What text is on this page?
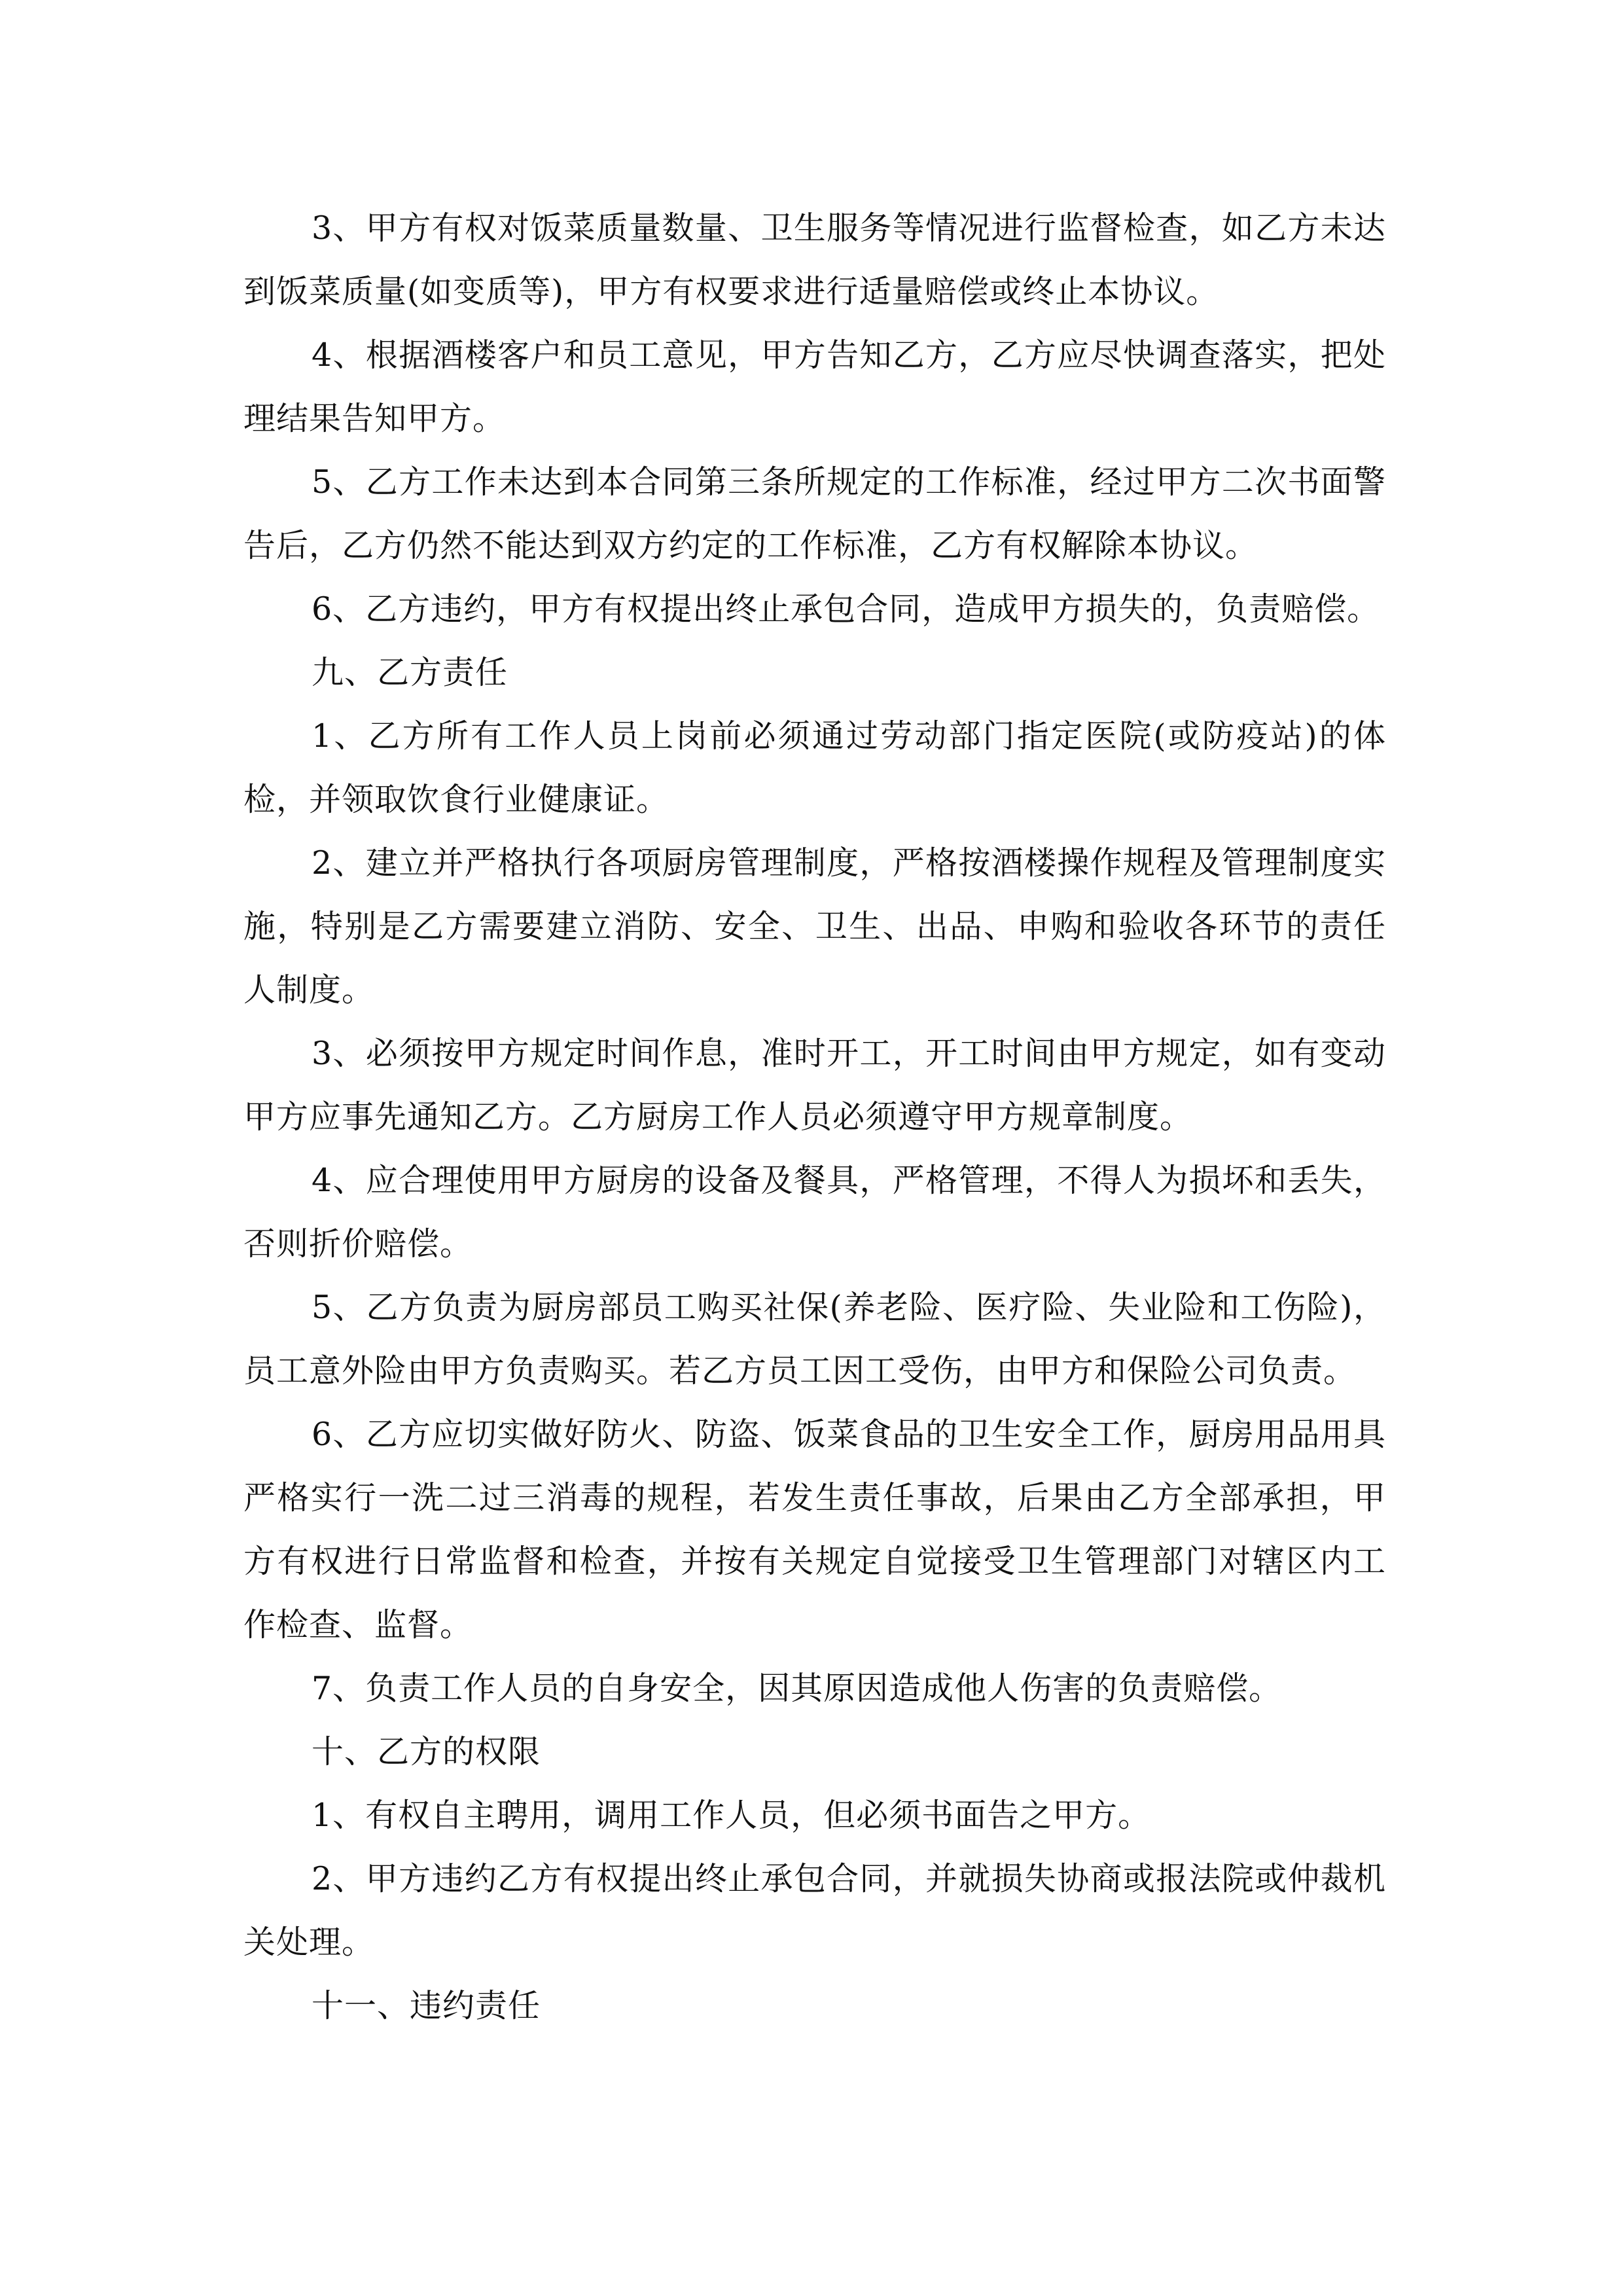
3、甲方有权对饭菜质量数量、卫生服务等情况进行监督检查，如乙方未达到饭菜质量(如变质等)，甲方有权要求进行适量赔偿或终止本协议。

4、根据酒楼客户和员工意见，甲方告知乙方，乙方应尽快调查落实，把处理结果告知甲方。

5、乙方工作未达到本合同第三条所规定的工作标准，经过甲方二次书面警告后，乙方仍然不能达到双方约定的工作标准，乙方有权解除本协议。

6、乙方违约，甲方有权提出终止承包合同，造成甲方损失的，负责赔偿。

九、乙方责任

1、乙方所有工作人员上岗前必须通过劳动部门指定医院(或防疫站)的体检，并领取饮食行业健康证。

2、建立并严格执行各项厨房管理制度，严格按酒楼操作规程及管理制度实施，特别是乙方需要建立消防、安全、卫生、出品、申购和验收各环节的责任人制度。

3、必须按甲方规定时间作息，准时开工，开工时间由甲方规定，如有变动甲方应事先通知乙方。乙方厨房工作人员必须遵守甲方规章制度。

4、应合理使用甲方厨房的设备及餐具，严格管理，不得人为损坏和丢失，否则折价赔偿。

5、乙方负责为厨房部员工购买社保(养老险、医疗险、失业险和工伤险)，员工意外险由甲方负责购买。若乙方员工因工受伤，由甲方和保险公司负责。

6、乙方应切实做好防火、防盗、饭菜食品的卫生安全工作，厨房用品用具严格实行一洗二过三消毒的规程，若发生责任事故，后果由乙方全部承担，甲方有权进行日常监督和检查，并按有关规定自觉接受卫生管理部门对辖区内工作检查、监督。

7、负责工作人员的自身安全，因其原因造成他人伤害的负责赔偿。

十、乙方的权限

1、有权自主聘用，调用工作人员，但必须书面告之甲方。

2、甲方违约乙方有权提出终止承包合同，并就损失协商或报法院或仲裁机关处理。

十一、违约责任
